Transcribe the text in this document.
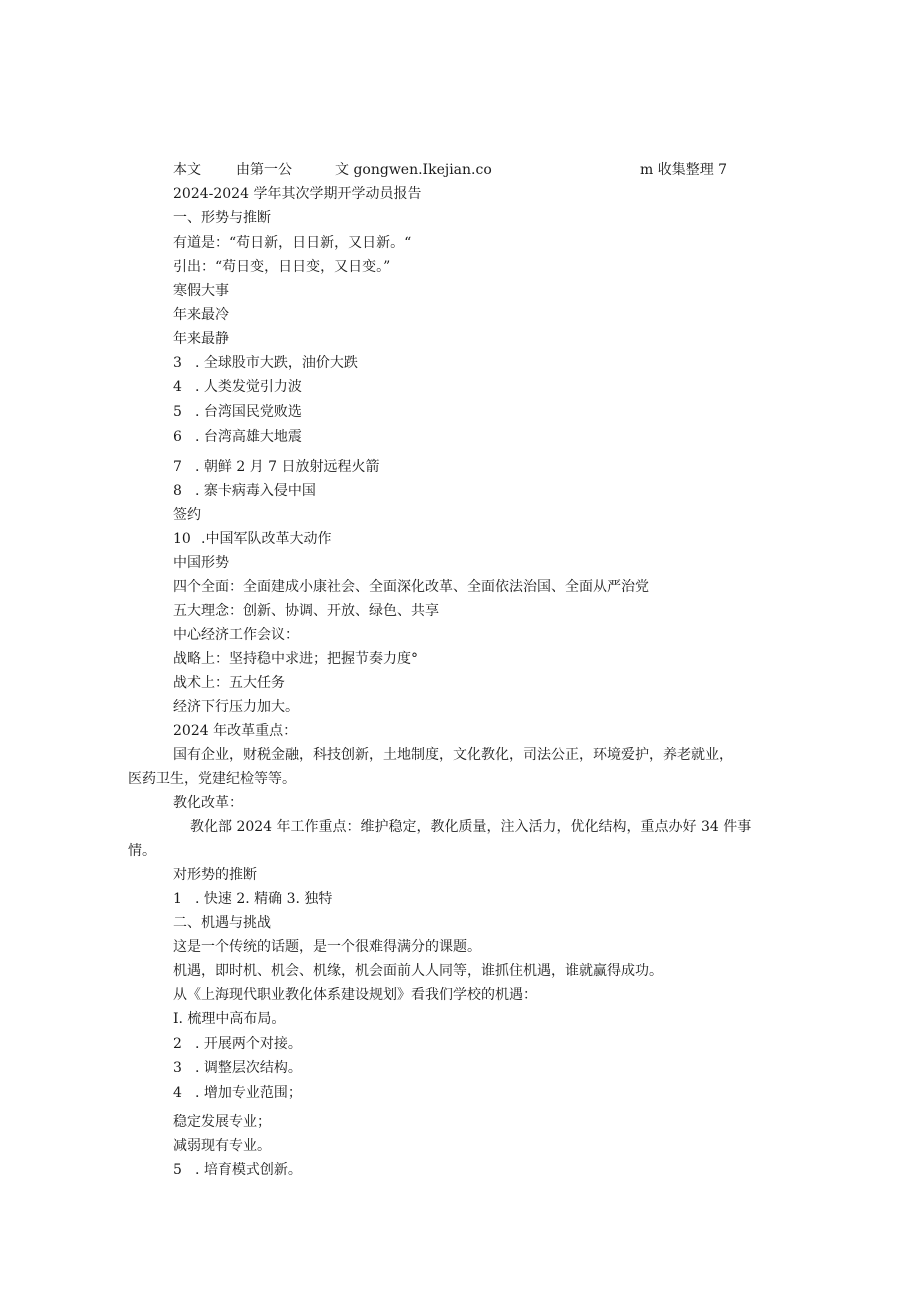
本文	由第一公	文 gongwen.Ikejian.co	m 收集整理 7
2024-2024 学年其次学期开学动员报告
一、形势与推断
有道是：“苟日新，日日新，又日新。“
引出：“苟日变，日日变，又日变。”
寒假大事
年来最冷
年来最静
3 . 全球股市大跌，油价大跌
4 . 人类发觉引力波
5 . 台湾国民党败选
6 . 台湾高雄大地震
7 . 朝鲜 2 月 7 日放射远程火箭
8 . 寨卡病毒入侵中国
签约
10 .中国军队改革大动作
中国形势
四个全面：全面建成小康社会、全面深化改革、全面依法治国、全面从严治党
五大理念：创新、协调、开放、绿色、共享
中心经济工作会议：
战略上：坚持稳中求进；把握节奏力度°
战术上：五大任务
经济下行压力加大。
2024 年改革重点：
国有企业，财税金融，科技创新，土地制度，文化教化，司法公正，环境爱护，养老就业，
医药卫生，党建纪检等等。
教化改革：
教化部 2024 年工作重点：维护稳定，教化质量，注入活力，优化结构，重点办好 34 件事
情。
对形势的推断
1 . 快速 2. 精确 3. 独特
二、机遇与挑战
这是一个传统的话题，是一个很难得满分的课题。
机遇，即时机、机会、机缘，机会面前人人同等，谁抓住机遇，谁就赢得成功。
从《上海现代职业教化体系建设规划》看我们学校的机遇：
I. 梳理中高布局。
2 . 开展两个对接。
3 . 调整层次结构。
4 . 增加专业范围；
稳定发展专业；
减弱现有专业。
5 . 培育模式创新。
